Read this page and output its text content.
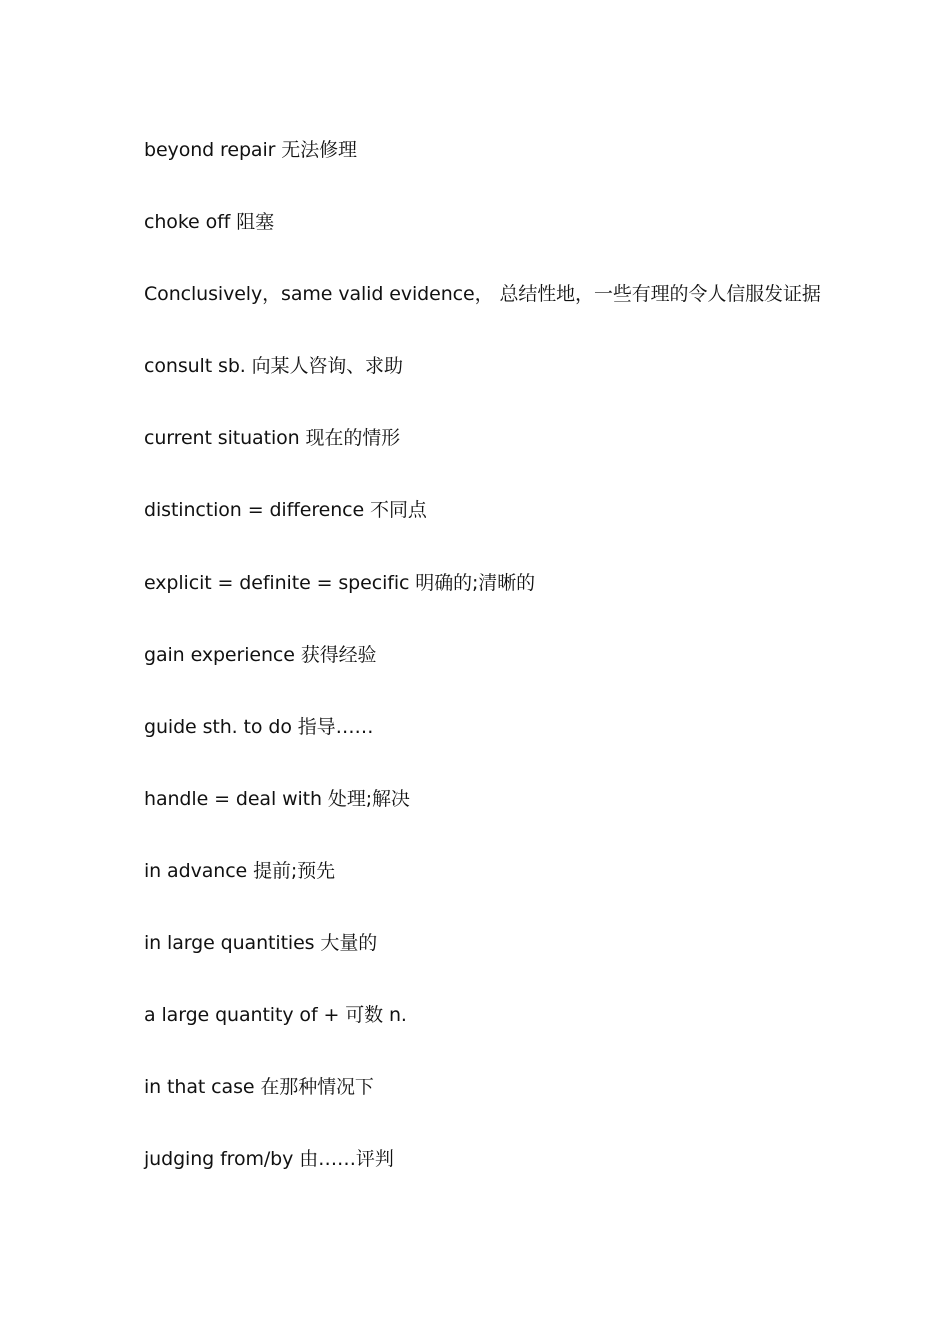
beyond repair 无法修理
choke off 阻塞
Conclusively，same valid evidence， 总结性地，一些有理的令人信服发证据
consult sb. 向某人咨询、求助
current situation 现在的情形
distinction = difference 不同点
explicit = definite = specific 明确的;清晰的
gain experience 获得经验
guide sth. to do 指导……
handle = deal with 处理;解决
in advance 提前;预先
in large quantities 大量的
a large quantity of + 可数 n.
in that case 在那种情况下
judging from/by 由……评判
